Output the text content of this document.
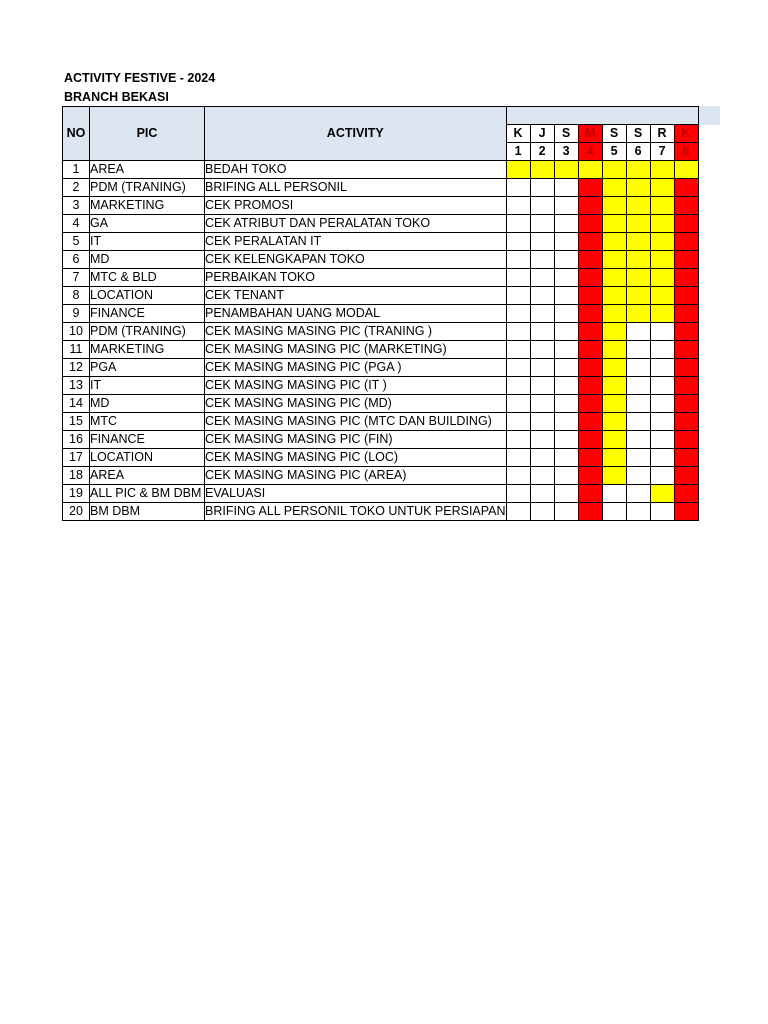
ACTIVITY FESTIVE - 2024
BRANCH BEKASI
NO	PIC	ACTIVITY								
			K	J	S	M	S	S	R	K
			1	2	3	4	5	6	7	8
1	AREA	BEDAH TOKO								
2	PDM (TRANING)	BRIFING ALL PERSONIL								
3	MARKETING	CEK PROMOSI								
4	GA	CEK ATRIBUT DAN PERALATAN TOKO								
5	IT	CEK PERALATAN IT								
6	MD	CEK KELENGKAPAN TOKO								
7	MTC & BLD	PERBAIKAN TOKO								
8	LOCATION	CEK TENANT								
9	FINANCE	PENAMBAHAN UANG MODAL								
10	PDM (TRANING)	CEK MASING MASING PIC (TRANING )								
11	MARKETING	CEK MASING MASING PIC (MARKETING)								
12	PGA	CEK MASING MASING PIC (PGA )								
13	IT	CEK MASING MASING PIC (IT )								
14	MD	CEK MASING MASING PIC (MD)								
15	MTC	CEK MASING MASING PIC (MTC DAN BUILDING)								
16	FINANCE	CEK MASING MASING PIC (FIN)								
17	LOCATION	CEK MASING MASING PIC (LOC)								
18	AREA	CEK MASING MASING PIC (AREA)								
19	ALL PIC & BM DBM	EVALUASI								
20	BM DBM	BRIFING ALL PERSONIL TOKO UNTUK PERSIAPAN								
